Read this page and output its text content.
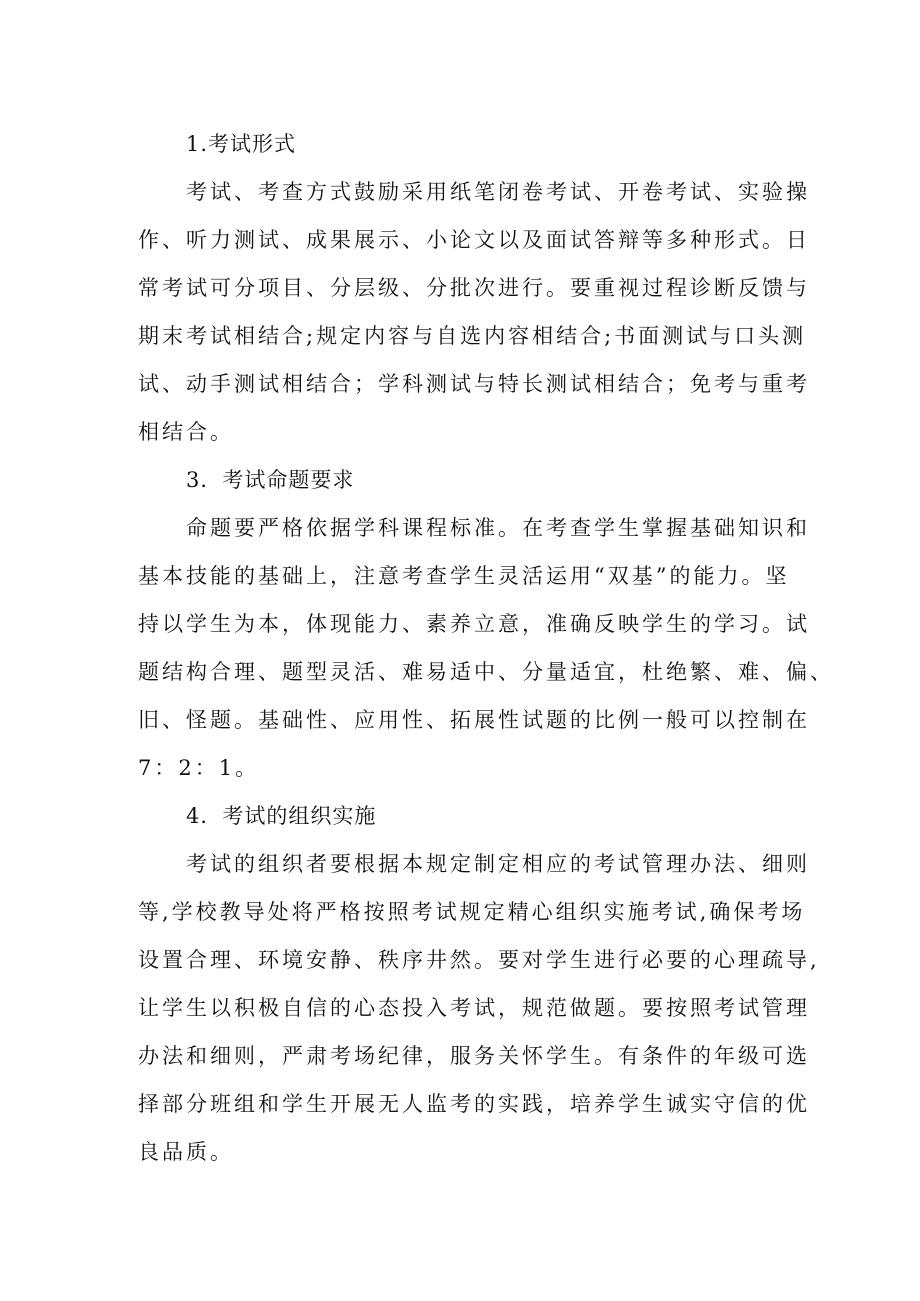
1.考试形式

考试、考查方式鼓励采用纸笔闭卷考试、开卷考试、实验操
作、听力测试、成果展示、小论文以及面试答辩等多种形式。日
常考试可分项目、分层级、分批次进行。要重视过程诊断反馈与
期末考试相结合;规定内容与自选内容相结合;书面测试与口头测
试、动手测试相结合；学科测试与特长测试相结合；免考与重考
相结合。

3．考试命题要求

命题要严格依据学科课程标准。在考查学生掌握基础知识和
基本技能的基础上，注意考查学生灵活运用“双基”的能力。坚
持以学生为本，体现能力、素养立意，准确反映学生的学习。试
题结构合理、题型灵活、难易适中、分量适宜，杜绝繁、难、偏、
旧、怪题。基础性、应用性、拓展性试题的比例一般可以控制在
7：2：1。

4．考试的组织实施

考试的组织者要根据本规定制定相应的考试管理办法、细则
等,学校教导处将严格按照考试规定精心组织实施考试,确保考场
设置合理、环境安静、秩序井然。要对学生进行必要的心理疏导,
让学生以积极自信的心态投入考试，规范做题。要按照考试管理
办法和细则，严肃考场纪律，服务关怀学生。有条件的年级可选
择部分班组和学生开展无人监考的实践，培养学生诚实守信的优
良品质。
